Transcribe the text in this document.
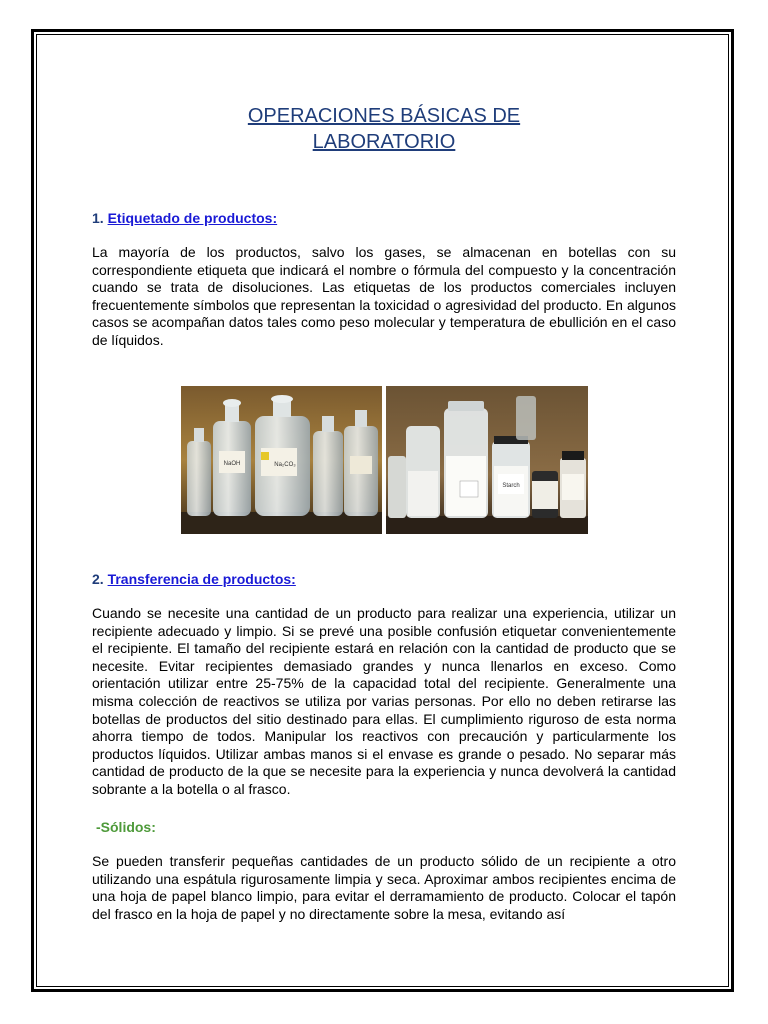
OPERACIONES BÁSICAS DE
LABORATORIO
1. Etiquetado de productos:

La mayoría de los productos, salvo los gases, se almacenan en botellas con su correspondiente etiqueta que indicará el nombre o fórmula del compuesto y la concentración cuando se trata de disoluciones. Las etiquetas de los productos comerciales incluyen frecuentemente símbolos que representan la toxicidad o agresividad del producto. En algunos casos se acompañan datos tales como peso molecular y temperatura de ebullición en el caso de líquidos.

NaOH	Na₂CO₃
Starch
2. Transferencia de productos:

Cuando se necesite una cantidad de un producto para realizar una experiencia, utilizar un recipiente adecuado y limpio. Si se prevé una posible confusión etiquetar convenientemente el recipiente. El tamaño del recipiente estará en relación con la cantidad de producto que se necesite. Evitar recipientes demasiado grandes y nunca llenarlos en exceso. Como orientación utilizar entre 25-75% de la capacidad total del recipiente. Generalmente una misma colección de reactivos se utiliza por varias personas. Por ello no deben retirarse las botellas de productos del sitio destinado para ellas. El cumplimiento riguroso de esta norma ahorra tiempo de todos. Manipular los reactivos con precaución y particularmente los productos líquidos. Utilizar ambas manos si el envase es grande o pesado. No separar más cantidad de producto de la que se necesite para la experiencia y nunca devolverá la cantidad sobrante a la botella o al frasco.

-Sólidos:

Se pueden transferir pequeñas cantidades de un producto sólido de un recipiente a otro utilizando una espátula rigurosamente limpia y seca. Aproximar ambos recipientes encima de una hoja de papel blanco limpio, para evitar el derramamiento de producto. Colocar el tapón del frasco en la hoja de papel y no directamente sobre la mesa, evitando así
